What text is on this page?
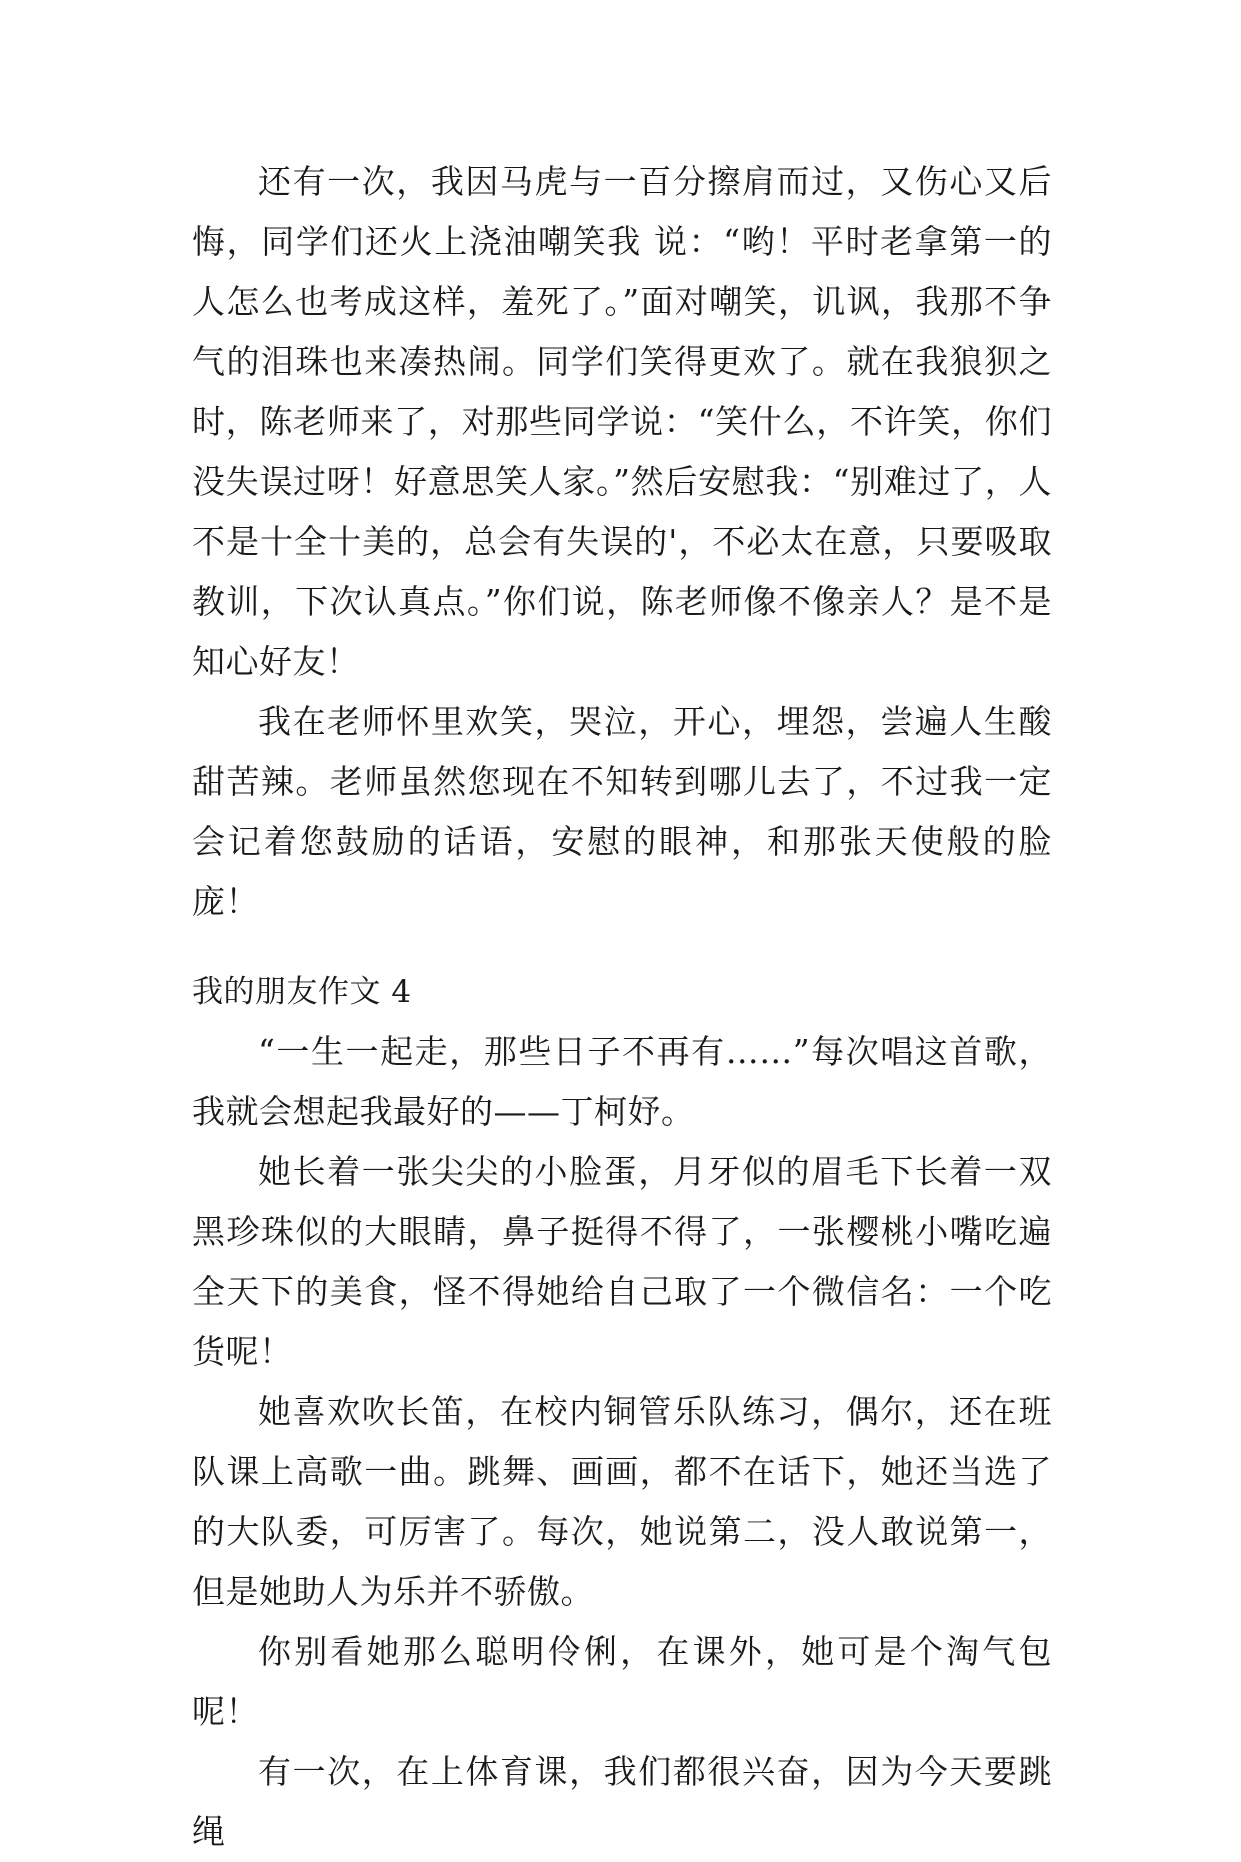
还有一次，我因马虎与一百分擦肩而过，又伤心又后悔，同学们还火上浇油嘲笑我 说：“哟！平时老拿第一的人怎么也考成这样，羞死了。”面对嘲笑，讥讽，我那不争气的泪珠也来凑热闹。同学们笑得更欢了。就在我狼狈之时，陈老师来了，对那些同学说：“笑什么，不许笑，你们没失误过呀！好意思笑人家。”然后安慰我：“别难过了，人不是十全十美的，总会有失误的'，不必太在意，只要吸取教训，下次认真点。”你们说，陈老师像不像亲人？是不是知心好友！

我在老师怀里欢笑，哭泣，开心，埋怨，尝遍人生酸甜苦辣。老师虽然您现在不知转到哪儿去了，不过我一定会记着您鼓励的话语，安慰的眼神，和那张天使般的脸庞！

我的朋友作文 4

“一生一起走，那些日子不再有……”每次唱这首歌，我就会想起我最好的——丁柯妤。

她长着一张尖尖的小脸蛋，月牙似的眉毛下长着一双黑珍珠似的大眼睛，鼻子挺得不得了，一张樱桃小嘴吃遍全天下的美食，怪不得她给自己取了一个微信名：一个吃货呢！

她喜欢吹长笛，在校内铜管乐队练习，偶尔，还在班队课上高歌一曲。跳舞、画画，都不在话下，她还当选了的大队委，可厉害了。每次，她说第二，没人敢说第一，但是她助人为乐并不骄傲。

你别看她那么聪明伶俐，在课外，她可是个淘气包呢！

有一次，在上体育课，我们都很兴奋，因为今天要跳绳
